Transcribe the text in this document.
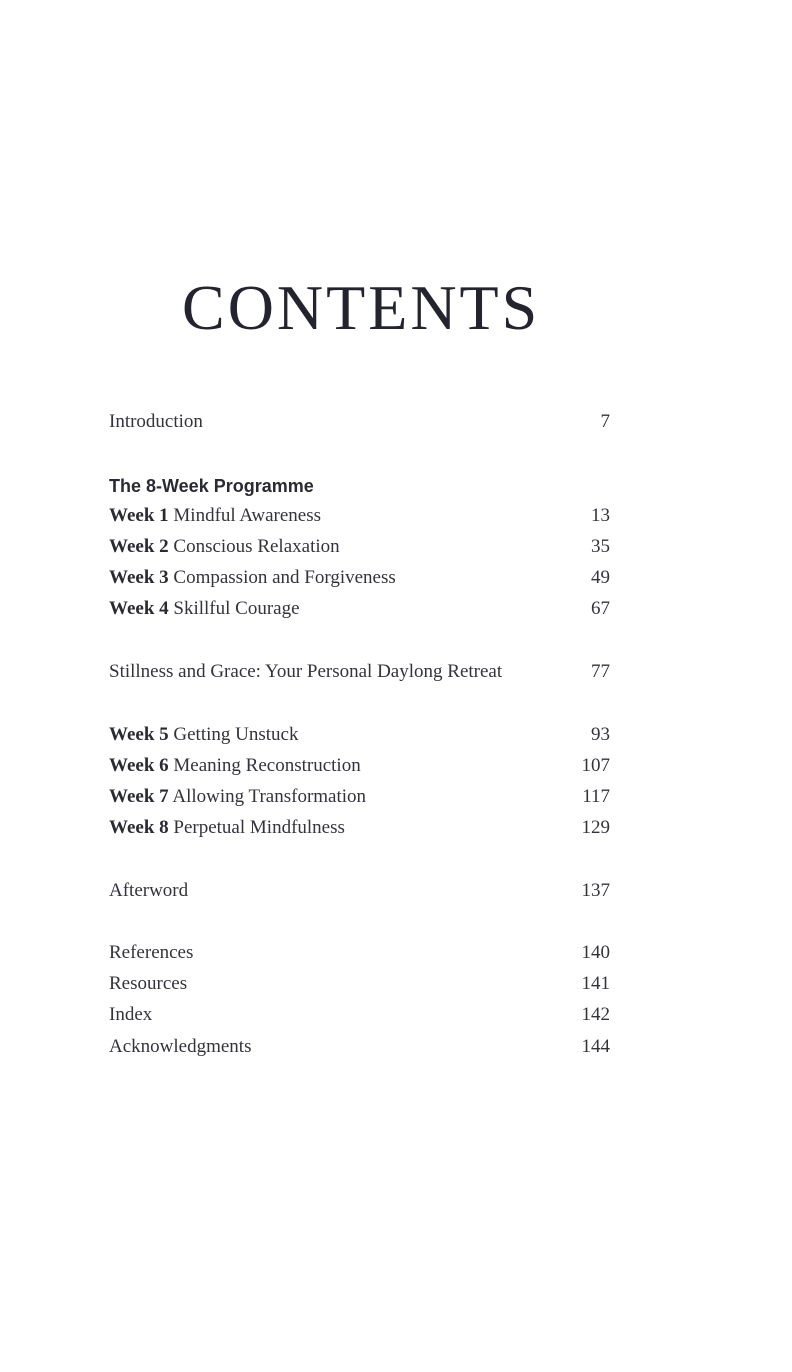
CONTENTS
Introduction	7
The 8-Week Programme
Week 1 Mindful Awareness	13
Week 2 Conscious Relaxation	35
Week 3 Compassion and Forgiveness	49
Week 4 Skillful Courage	67
Stillness and Grace: Your Personal Daylong Retreat	77
Week 5 Getting Unstuck	93
Week 6 Meaning Reconstruction	107
Week 7 Allowing Transformation	117
Week 8 Perpetual Mindfulness	129
Afterword	137
References	140
Resources	141
Index	142
Acknowledgments	144
